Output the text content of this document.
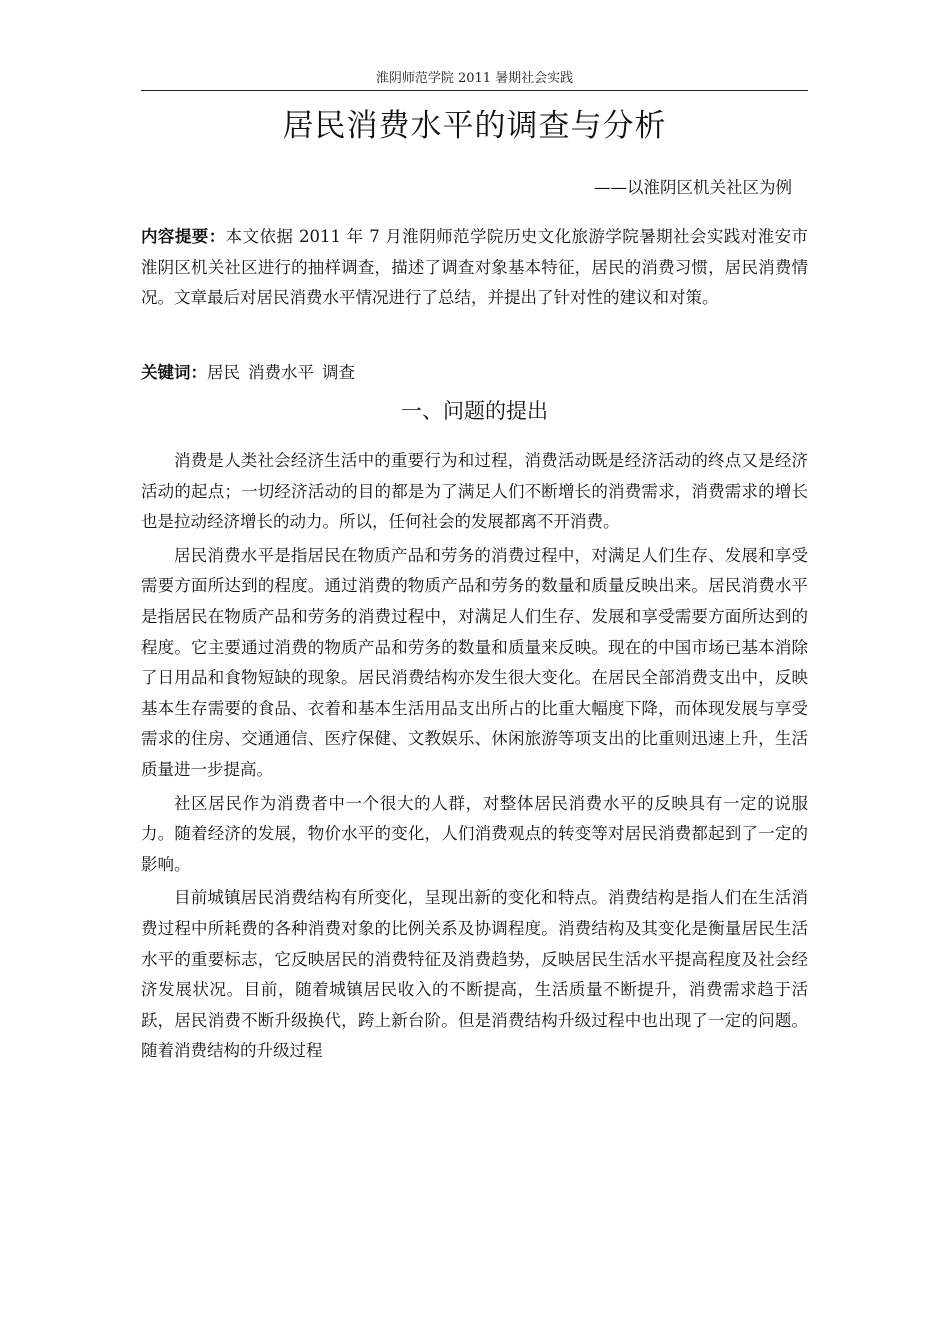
淮阴师范学院 2011 暑期社会实践
居民消费水平的调查与分析
——以淮阴区机关社区为例

内容提要：本文依据 2011 年 7 月淮阴师范学院历史文化旅游学院暑期社会实践对淮安市淮阴区机关社区进行的抽样调查，描述了调查对象基本特征，居民的消费习惯，居民消费情况。文章最后对居民消费水平情况进行了总结，并提出了针对性的建议和对策。

关键词：居民 消费水平 调查

一、问题的提出

消费是人类社会经济生活中的重要行为和过程，消费活动既是经济活动的终点又是经济活动的起点；一切经济活动的目的都是为了满足人们不断增长的消费需求，消费需求的增长也是拉动经济增长的动力。所以，任何社会的发展都离不开消费。

居民消费水平是指居民在物质产品和劳务的消费过程中，对满足人们生存、发展和享受需要方面所达到的程度。通过消费的物质产品和劳务的数量和质量反映出来。居民消费水平是指居民在物质产品和劳务的消费过程中，对满足人们生存、发展和享受需要方面所达到的程度。它主要通过消费的物质产品和劳务的数量和质量来反映。现在的中国市场已基本消除了日用品和食物短缺的现象。居民消费结构亦发生很大变化。在居民全部消费支出中，反映基本生存需要的食品、衣着和基本生活用品支出所占的比重大幅度下降，而体现发展与享受需求的住房、交通通信、医疗保健、文教娱乐、休闲旅游等项支出的比重则迅速上升，生活质量进一步提高。

社区居民作为消费者中一个很大的人群，对整体居民消费水平的反映具有一定的说服力。随着经济的发展，物价水平的变化，人们消费观点的转变等对居民消费都起到了一定的影响。

目前城镇居民消费结构有所变化，呈现出新的变化和特点。消费结构是指人们在生活消费过程中所耗费的各种消费对象的比例关系及协调程度。消费结构及其变化是衡量居民生活水平的重要标志，它反映居民的消费特征及消费趋势，反映居民生活水平提高程度及社会经济发展状况。目前，随着城镇居民收入的不断提高，生活质量不断提升，消费需求趋于活跃，居民消费不断升级换代，跨上新台阶。但是消费结构升级过程中也出现了一定的问题。随着消费结构的升级过程
